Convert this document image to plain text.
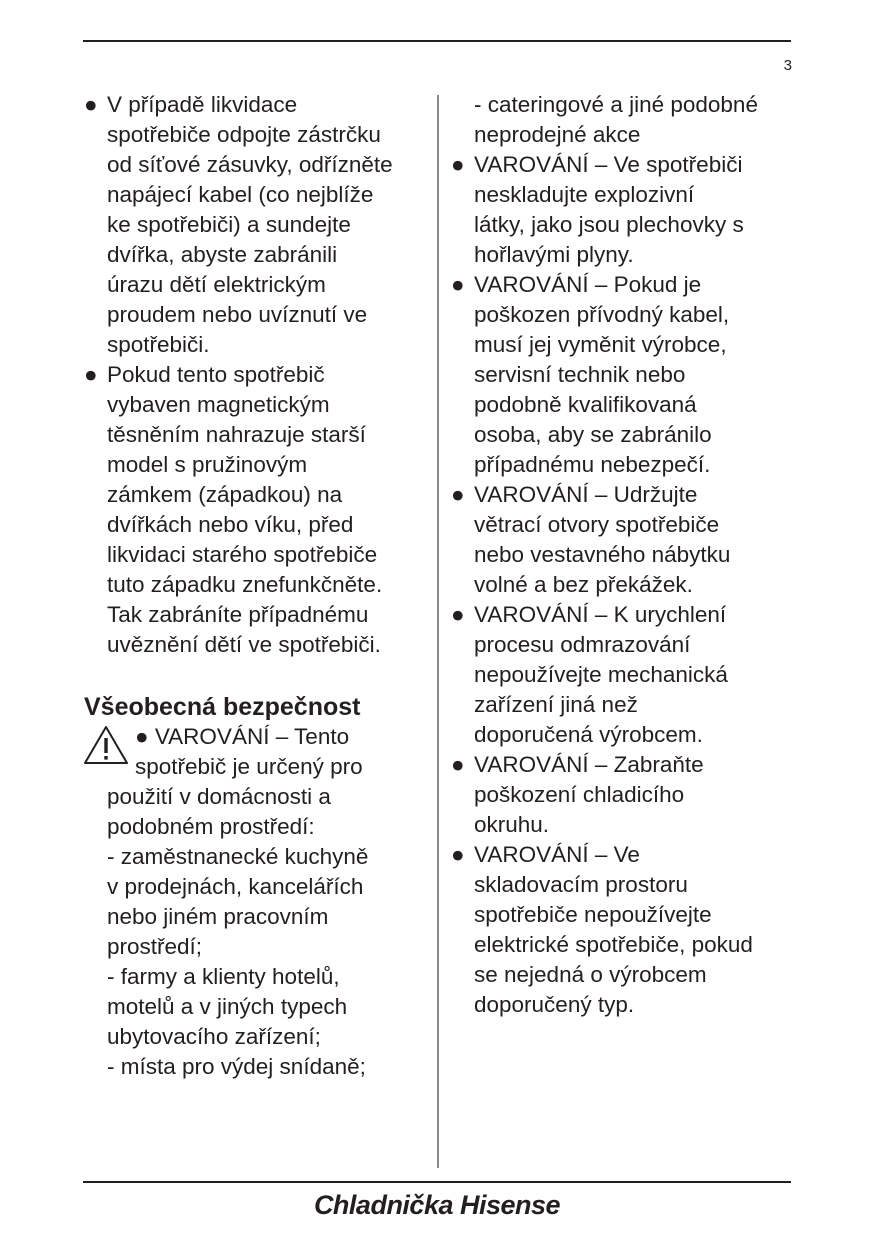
3
● V případě likvidace
spotřebiče odpojte zástrčku
od síťové zásuvky, odřízněte
napájecí kabel (co nejblíže
ke spotřebiči) a sundejte
dvířka, abyste zabránili
úrazu dětí elektrickým
proudem nebo uvíznutí ve
spotřebiči.
● Pokud tento spotřebič
vybaven magnetickým
těsněním nahrazuje starší
model s pružinovým
zámkem (západkou) na
dvířkách nebo víku, před
likvidaci starého spotřebiče
tuto západku znefunkčněte.
Tak zabráníte případnému
uvěznění dětí ve spotřebiči.
Všeobecná bezpečnost
● VAROVÁNÍ – Tento
spotřebič je určený pro
použití v domácnosti a
podobném prostředí:
- zaměstnanecké kuchyně
v prodejnách, kancelářích
nebo jiném pracovním
prostředí;
- farmy a klienty hotelů,
motelů a v jiných typech
ubytovacího zařízení;
- místa pro výdej snídaně;
- cateringové a jiné podobné
neprodejné akce
● VAROVÁNÍ – Ve spotřebiči
neskladujte explozivní
látky, jako jsou plechovky s
hořlavými plyny.
● VAROVÁNÍ – Pokud je
poškozen přívodný kabel,
musí jej vyměnit výrobce,
servisní technik nebo
podobně kvalifikovaná
osoba, aby se zabránilo
případnému nebezpečí.
● VAROVÁNÍ – Udržujte
větrací otvory spotřebiče
nebo vestavného nábytku
volné a bez překážek.
● VAROVÁNÍ – K urychlení
procesu odmrazování
nepoužívejte mechanická
zařízení jiná než
doporučená výrobcem.
● VAROVÁNÍ – Zabraňte
poškození chladicího
okruhu.
● VAROVÁNÍ – Ve
skladovacím prostoru
spotřebiče nepoužívejte
elektrické spotřebiče, pokud
se nejedná o výrobcem
doporučený typ.
Chladnička Hisense
